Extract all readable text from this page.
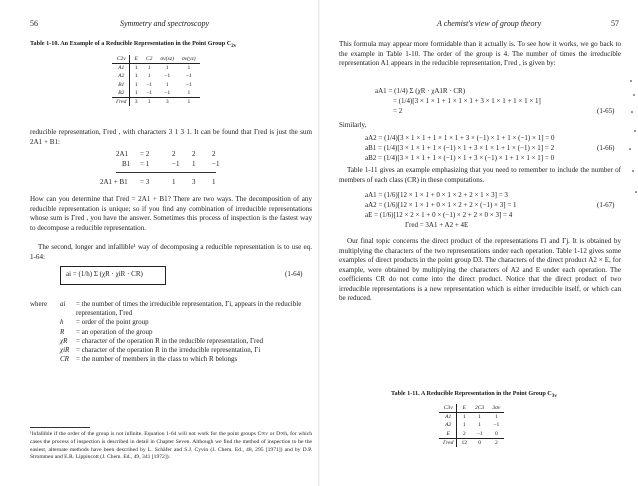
56	Symmetry and spectroscopy
Table 1-10. An Example of a Reducible Representation in the Point Group $C_{2v}$
C2v	E	C2	σv(xz)	σv(yz)
A1	1	1	1	1
A2	1	1	−1	−1
B1	1	−1	1	−1
B2	1	−1	−1	1
Γred	3	1	3	1
reducible representation, Γred , with characters 3 1 3 1. It can be found that Γred is just the sum 2A1 + B1:
2A1 = 2	2 2 2
B1 = 1	−1 1 −1
2A1 + B1 = 3	1 3 1
How can you determine that Γred = 2A1 + B1? There are two ways. The decomposition of any reducible representation is unique; so if you find any combination of irreducible representations whose sum is Γred , you have the answer. Sometimes this process of inspection is the fastest way to decompose a reducible representation.
The second, longer and infallible¹ way of decomposing a reducible representation is to use eq. 1-64:
ai = (1/h) Σ (χR · χiR · CR)	(1-64)
where	ai	= the number of times the irreducible representation, Γi, appears in the reducible representation, Γred
h	= order of the point group
R	= an operation of the group
χR	= character of the operation R in the reducible representation, Γred
χiR = character of the operation R in the irreducible representation, Γi
CR	= the number of members in the class to which R belongs
¹Infallible if the order of the group is not infinite. Equation 1-64 will not work for the point groups C∞v or D∞h, for which cases the process of inspection is described in detail in Chapter Seven. Although we find the method of inspection to be the easiest, alternate methods have been described by L. Schäfer and S.J. Cyvin (J. Chem. Ed., 48, 295 [1971]) and by D.P. Strommen and E.R. Lippincott (J. Chem. Ed., 49, 341 [1972]).
A chemist's view of group theory	57
This formula may appear more formidable than it actually is. To see how it works, we go back to the example in Table 1-10. The order of the group is 4. The number of times the irreducible representation A1 appears in the reducible representation, Γred , is given by:
aA1 = (1/4) Σ (χR · χA1R · CR)
= (1/4)[3 × 1 × 1 + 1 × 1 × 1 + 3 × 1 × 1 + 1 × 1 × 1]
= 2	(1-65)
Similarly,
aA2 = (1/4)[3 × 1 × 1 + 1 × 1 × 1 + 3 × (−1) × 1 + 1 × (−1) × 1] = 0
aB1 = (1/4)[3 × 1 × 1 + 1 × (−1) × 1 + 3 × 1 × 1 + 1 × (−1) × 1] = 2
aB2 = (1/4)[3 × 1 × 1 + 1 × (−1) × 1 + 3 × (−1) × 1 + 1 × 1 × 1] = 0
(1-66)
Table 1-11 gives an example emphasizing that you need to remember to include the number of members of each class (CR) in these computations.
aA1 = (1/6)[12 × 1 × 1 + 0 × 1 × 2 + 2 × 1 × 3] = 3
aA2 = (1/6)[12 × 1 × 1 + 0 × 1 × 2 + 2 × (−1) × 3] = 1
aE = (1/6)[12 × 2 × 1 + 0 × (−1) × 2 + 2 × 0 × 3] = 4
Γred = 3A1 + A2 + 4E
(1-67)
Our final topic concerns the direct product of the representations Γi and Γj. It is obtained by multiplying the characters of the two representations under each operation. Table 1-12 gives some examples of direct products in the point group D3. The characters of the direct product A2 × E, for example, were obtained by multiplying the characters of A2 and E under each operation. The coefficients CR do not come into the direct product. Notice that the direct product of two irreducible representations is a new representation which is either irreducible itself, or which can be reduced.
Table 1-11. A Reducible Representation in the Point Group $C_{3v}$
C3v	E	2C3	3σv
A1	1	1	1
A2	1	1	−1
E	2	−1	0
Γred	12	0	2
